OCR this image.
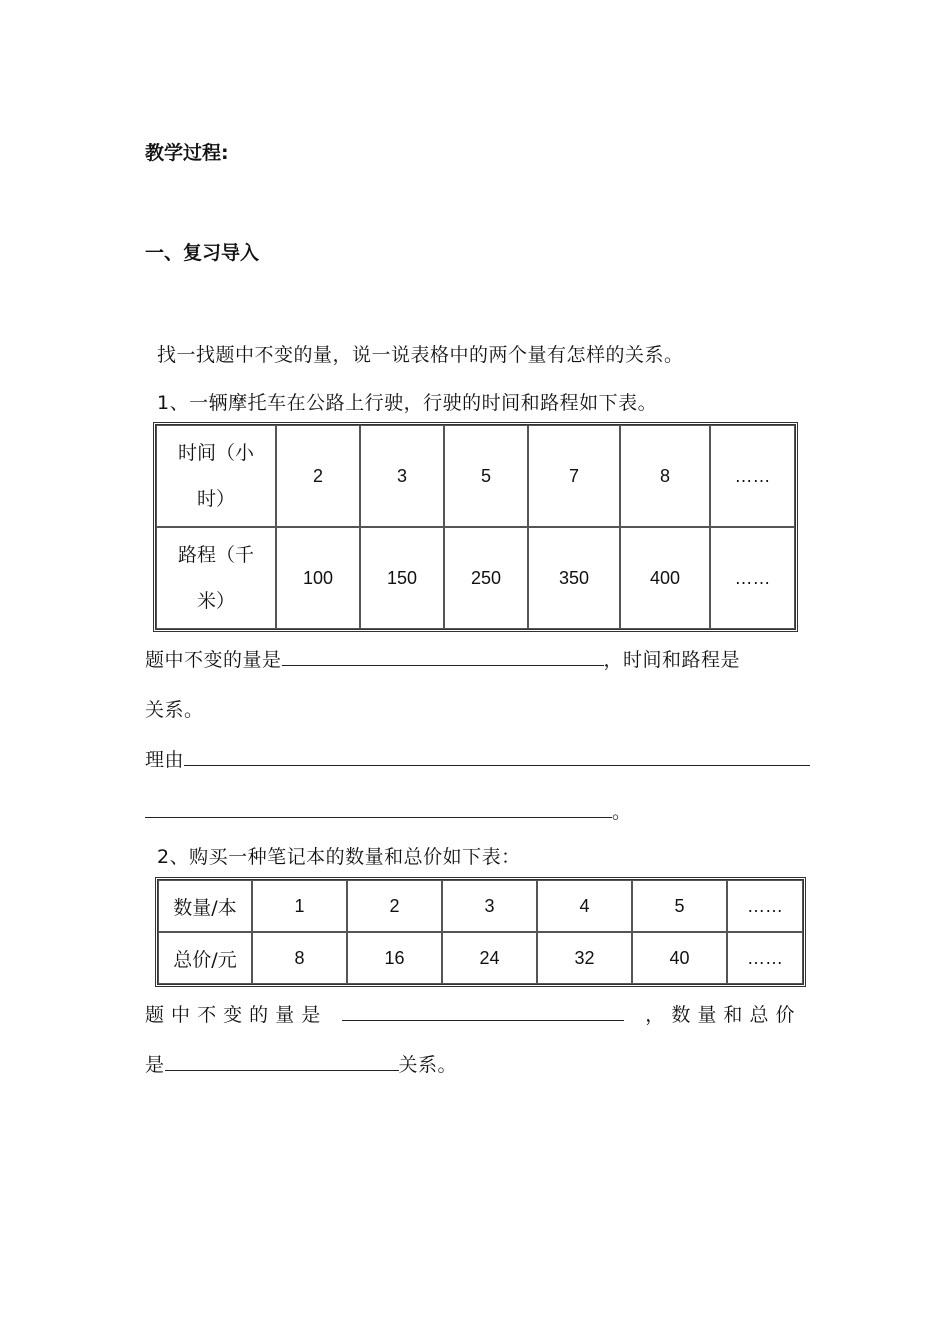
教学过程:
一、复习导入
找一找题中不变的量，说一说表格中的两个量有怎样的关系。
1、一辆摩托车在公路上行驶，行驶的时间和路程如下表。
时间（小时）	2	3	5	7	8	……

路程（千米）	100	150	250	350	400	……
题中不变的量是	，时间和路程是
关系。
理由
。
2、购买一种笔记本的数量和总价如下表：
数量/本	1	2	3	4	5	……
总价/元	8	16	24	32	40	……
题 中 不 变 的 量 是	， 数 量 和 总 价
是	关系。
